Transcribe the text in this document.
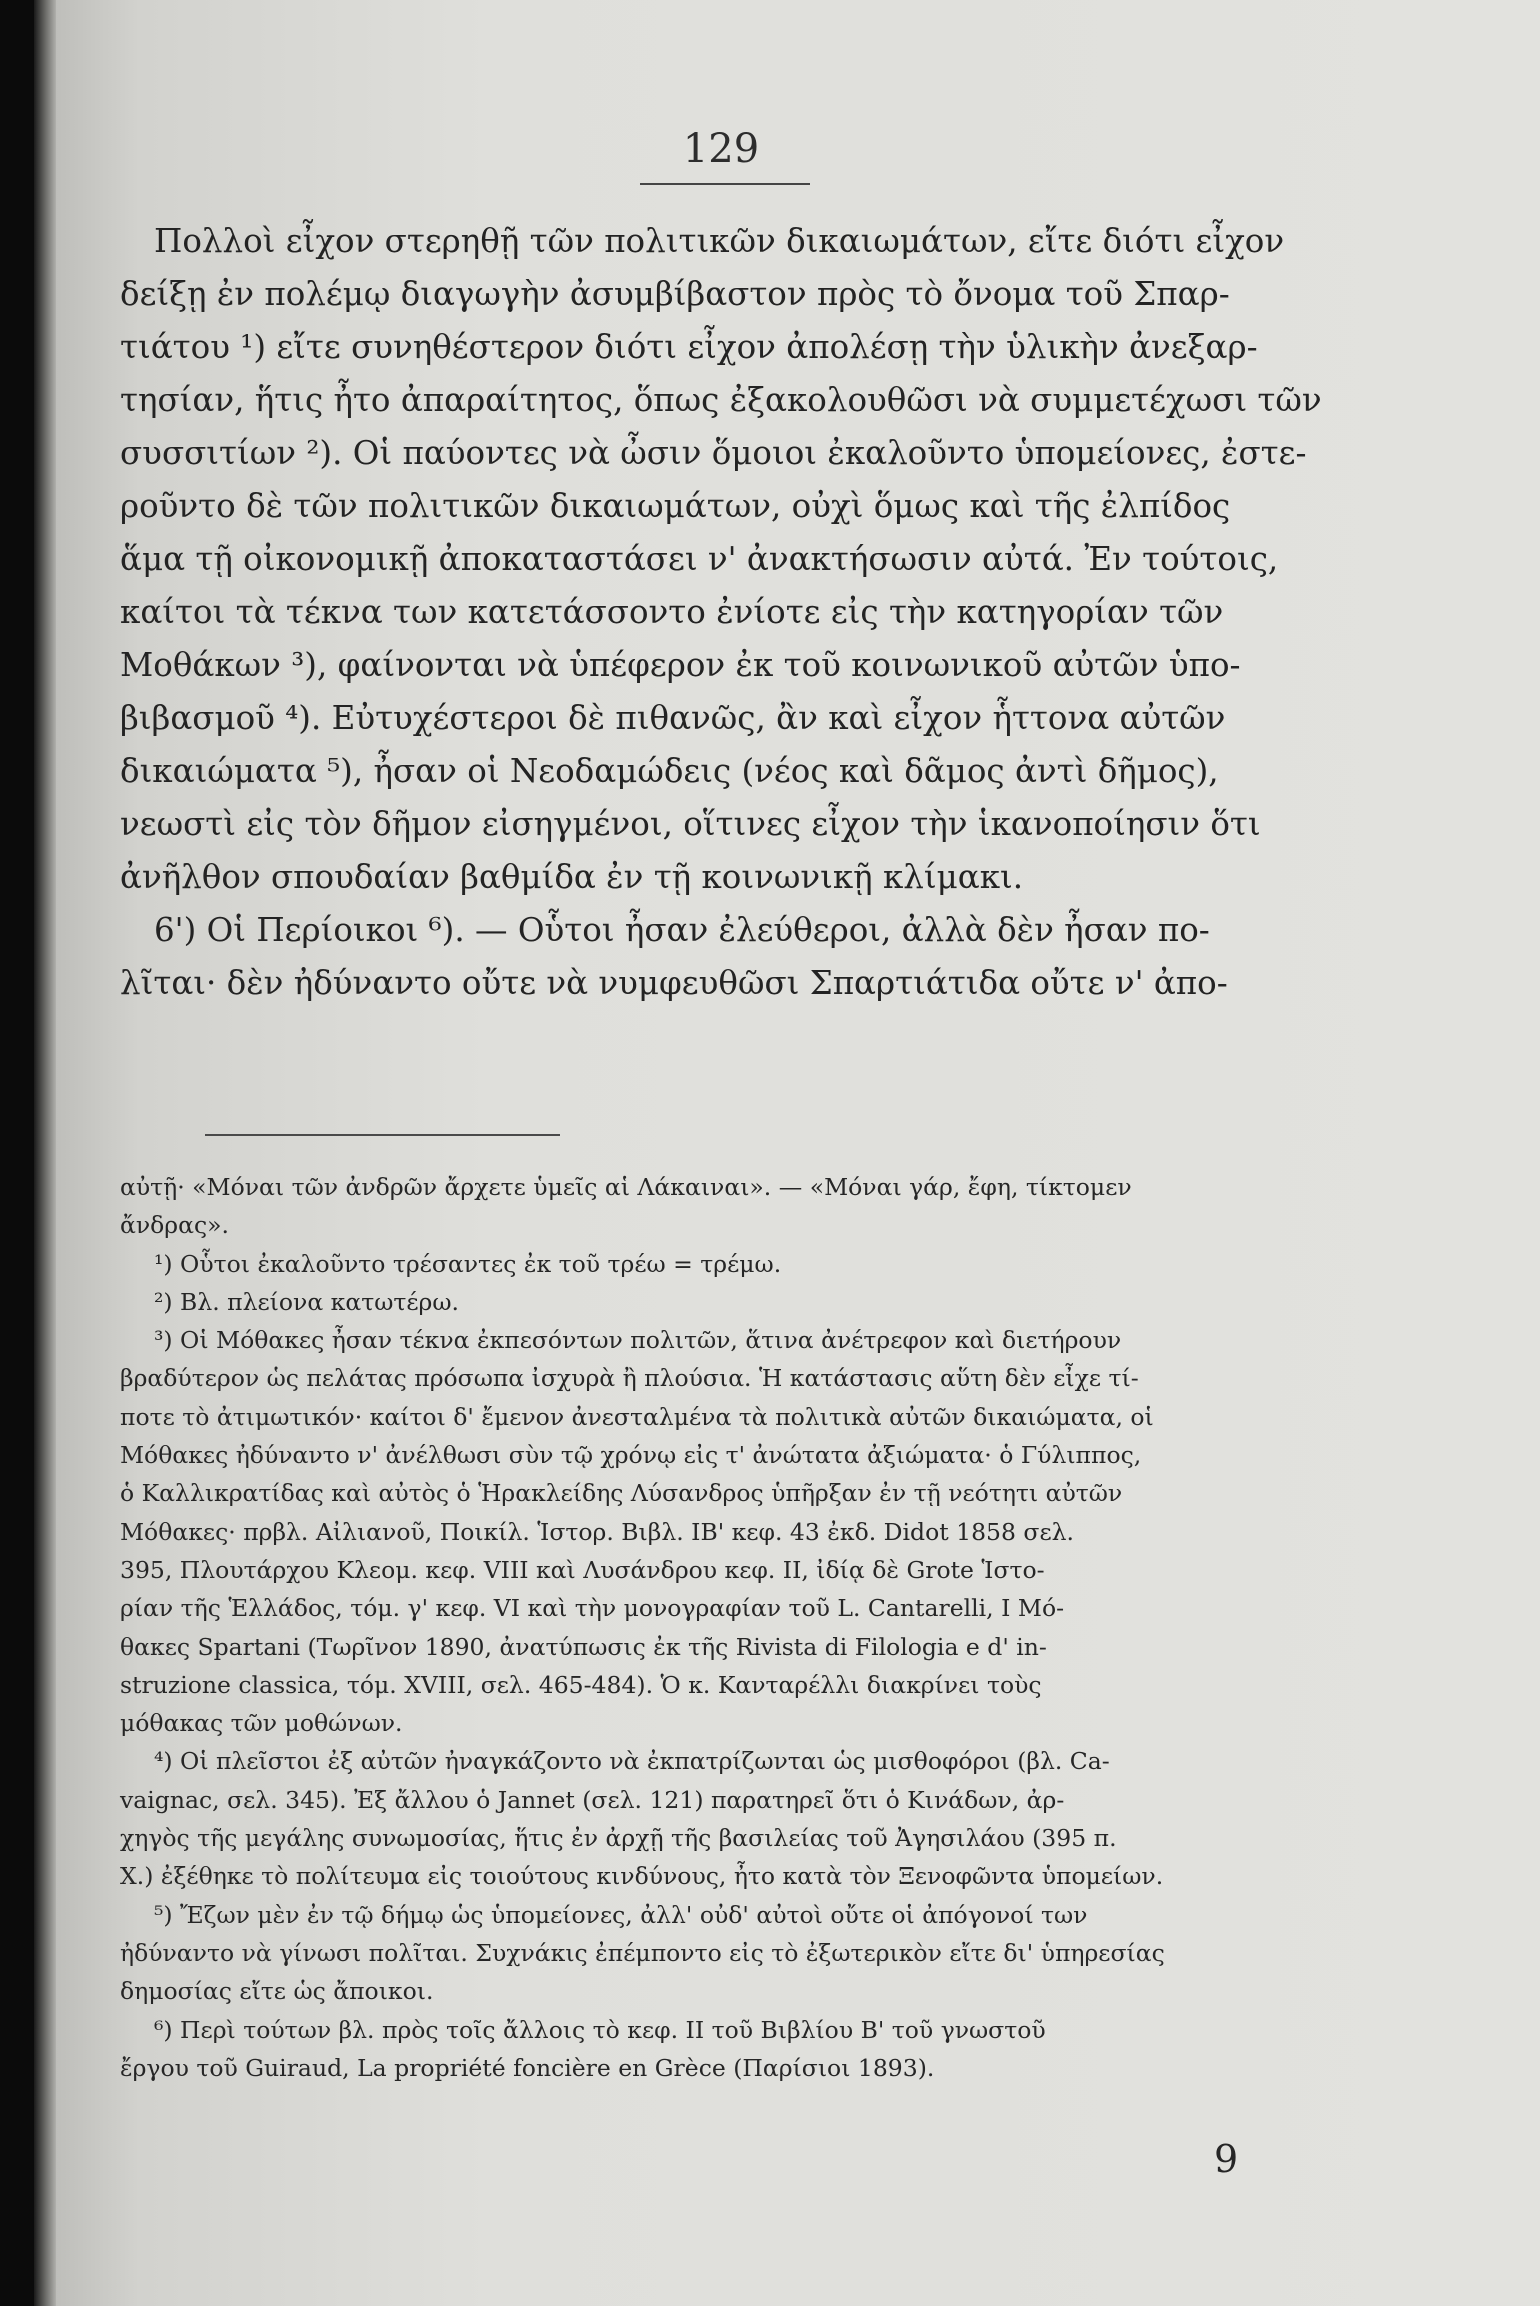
129
Πολλοὶ εἶχον στερηθῇ τῶν πολιτικῶν δικαιωμάτων, εἴτε διότι εἶχον
δείξῃ ἐν πολέμῳ διαγωγὴν ἀσυμβίβαστον πρὸς τὸ ὄνομα τοῦ Σπαρ-
τιάτου ¹) εἴτε συνηθέστερον διότι εἶχον ἀπολέσῃ τὴν ὑλικὴν ἀνεξαρ-
τησίαν, ἥτις ἦτο ἀπαραίτητος, ὅπως ἐξακολουθῶσι νὰ συμμετέχωσι τῶν
συσσιτίων ²). Οἱ παύοντες νὰ ὦσιν ὅμοιοι ἐκαλοῦντο ὑπομείονες, ἐστε-
ροῦντο δὲ τῶν πολιτικῶν δικαιωμάτων, οὐχὶ ὅμως καὶ τῆς ἐλπίδος
ἅμα τῇ οἰκονομικῇ ἀποκαταστάσει ν' ἀνακτήσωσιν αὐτά. Ἐν τούτοις,
καίτοι τὰ τέκνα των κατετάσσοντο ἐνίοτε εἰς τὴν κατηγορίαν τῶν
Μοθάκων ³), φαίνονται νὰ ὑπέφερον ἐκ τοῦ κοινωνικοῦ αὐτῶν ὑπο-
βιβασμοῦ ⁴). Εὐτυχέστεροι δὲ πιθανῶς, ἂν καὶ εἶχον ἧττονα αὐτῶν
δικαιώματα ⁵), ἦσαν οἱ Νεοδαμώδεις (νέος καὶ δᾶμος ἀντὶ δῆμος),
νεωστὶ εἰς τὸν δῆμον εἰσηγμένοι, οἵτινες εἶχον τὴν ἱκανοποίησιν ὅτι
ἀνῆλθον σπουδαίαν βαθμίδα ἐν τῇ κοινωνικῇ κλίμακι.
6') Οἱ Περίοικοι ⁶). — Οὗτοι ἦσαν ἐλεύθεροι, ἀλλὰ δὲν ἦσαν πο-
λῖται· δὲν ἠδύναντο οὔτε νὰ νυμφευθῶσι Σπαρτιάτιδα οὔτε ν' ἀπο-
αὐτῇ· «Μόναι τῶν ἀνδρῶν ἄρχετε ὑμεῖς αἱ Λάκαιναι». — «Μόναι γάρ, ἔφη, τίκτομεν
ἄνδρας».
¹) Οὗτοι ἐκαλοῦντο τρέσαντες ἐκ τοῦ τρέω = τρέμω.
²) Βλ. πλείονα κατωτέρω.
³) Οἱ Μόθακες ἦσαν τέκνα ἐκπεσόντων πολιτῶν, ἅτινα ἀνέτρεφον καὶ διετήρουν
βραδύτερον ὡς πελάτας πρόσωπα ἰσχυρὰ ἢ πλούσια. Ἡ κατάστασις αὕτη δὲν εἶχε τί-
ποτε τὸ ἀτιμωτικόν· καίτοι δ' ἔμενον ἀνεσταλμένα τὰ πολιτικὰ αὐτῶν δικαιώματα, οἱ
Μόθακες ἠδύναντο ν' ἀνέλθωσι σὺν τῷ χρόνῳ εἰς τ' ἀνώτατα ἀξιώματα· ὁ Γύλιππος,
ὁ Καλλικρατίδας καὶ αὐτὸς ὁ Ἡρακλείδης Λύσανδρος ὑπῆρξαν ἐν τῇ νεότητι αὐτῶν
Μόθακες· πρβλ. Αἰλιανοῦ, Ποικίλ. Ἱστορ. Βιβλ. ΙΒ' κεφ. 43 ἐκδ. Didot 1858 σελ.
395, Πλουτάρχου Κλεομ. κεφ. VIII καὶ Λυσάνδρου κεφ. II, ἰδίᾳ δὲ Grote Ἱστο-
ρίαν τῆς Ἑλλάδος, τόμ. γ' κεφ. VI καὶ τὴν μονογραφίαν τοῦ L. Cantarelli, I Mό-
θακες Spartani (Τωρῖνον 1890, ἀνατύπωσις ἐκ τῆς Rivista di Filologia e d' in-
struzione classica, τόμ. XVIII, σελ. 465-484). Ὁ κ. Κανταρέλλι διακρίνει τοὺς
μόθακας τῶν μοθώνων.
⁴) Οἱ πλεῖστοι ἐξ αὐτῶν ἠναγκάζοντο νὰ ἐκπατρίζωνται ὡς μισθοφόροι (βλ. Ca-
vaignac, σελ. 345). Ἐξ ἄλλου ὁ Jannet (σελ. 121) παρατηρεῖ ὅτι ὁ Κινάδων, ἀρ-
χηγὸς τῆς μεγάλης συνωμοσίας, ἥτις ἐν ἀρχῇ τῆς βασιλείας τοῦ Ἀγησιλάου (395 π.
Χ.) ἐξέθηκε τὸ πολίτευμα εἰς τοιούτους κινδύνους, ἦτο κατὰ τὸν Ξενοφῶντα ὑπομείων.
⁵) Ἔζων μὲν ἐν τῷ δήμῳ ὡς ὑπομείονες, ἀλλ' οὐδ' αὐτοὶ οὔτε οἱ ἀπόγονοί των
ἠδύναντο νὰ γίνωσι πολῖται. Συχνάκις ἐπέμποντο εἰς τὸ ἐξωτερικὸν εἴτε δι' ὑπηρεσίας
δημοσίας εἴτε ὡς ἄποικοι.
⁶) Περὶ τούτων βλ. πρὸς τοῖς ἄλλοις τὸ κεφ. II τοῦ Βιβλίου Β' τοῦ γνωστοῦ
ἔργου τοῦ Guiraud, La propriété foncière en Grèce (Παρίσιοι 1893).
9
